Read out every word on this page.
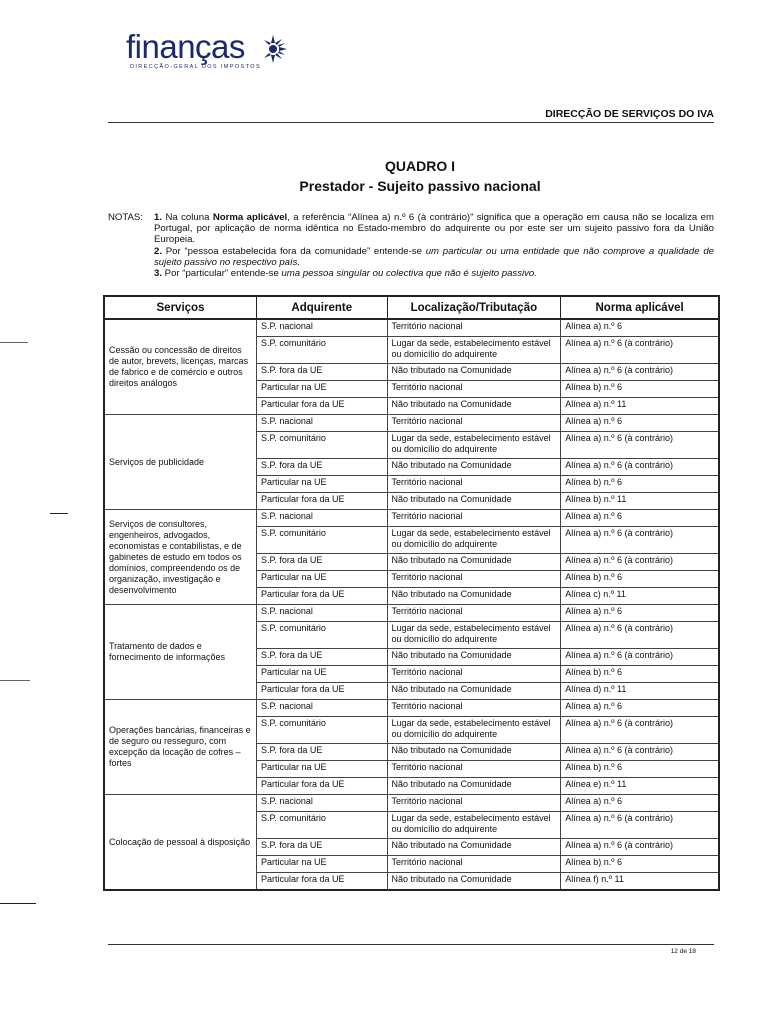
finanças
DIRECÇÃO-GERAL DOS IMPOSTOS
DIRECÇÃO DE SERVIÇOS DO IVA
QUADRO I
Prestador - Sujeito passivo nacional
NOTAS: 1. Na coluna Norma aplicável, a referência “Alínea a) n.º 6 (à contrário)” significa que a operação em causa não se localiza em Portugal, por aplicação de norma idêntica no Estado-membro do adquirente ou por este ser um sujeito passivo fora da União Europeia.

2. Por “pessoa estabelecida fora da comunidade” entende-se um particular ou uma entidade que não comprove a qualidade de sujeito passivo no respectivo país.

3. Por “particular” entende-se uma pessoa singular ou colectiva que não é sujeito passivo.

Serviços	Adquirente	Localização/Tributação	Norma aplicável
Cessão ou concessão de direitos de autor, brevets, licenças, marcas de fabrico e de comércio e outros direitos análogos	S.P. nacional	Território nacional	Alínea a) n.º 6
	S.P. comunitário	Lugar da sede, estabelecimento estável ou domicílio do adquirente	Alínea a) n.º 6 (à contrário)
	S.P. fora da UE	Não tributado na Comunidade	Alínea a) n.º 6 (à contrário)
	Particular na UE	Território nacional	Alínea b) n.º 6
	Particular fora da UE	Não tributado na Comunidade	Alínea a) n.º 11
Serviços de publicidade	S.P. nacional	Território nacional	Alínea a) n.º 6
	S.P. comunitário	Lugar da sede, estabelecimento estável ou domicílio do adquirente	Alínea a) n.º 6 (à contrário)
	S.P. fora da UE	Não tributado na Comunidade	Alínea a) n.º 6 (à contrário)
	Particular na UE	Território nacional	Alínea b) n.º 6
	Particular fora da UE	Não tributado na Comunidade	Alínea b) n.º 11
Serviços de consultores, engenheiros, advogados, economistas e contabilistas, e de gabinetes de estudo em todos os domínios, compreendendo os de organização, investigação e desenvolvimento	S.P. nacional	Território nacional	Alínea a) n.º 6
	S.P. comunitário	Lugar da sede, estabelecimento estável ou domicílio do adquirente	Alínea a) n.º 6 (à contrário)
	S.P. fora da UE	Não tributado na Comunidade	Alínea a) n.º 6 (à contrário)
	Particular na UE	Território nacional	Alínea b) n.º 6
	Particular fora da UE	Não tributado na Comunidade	Alínea c) n.º 11
Tratamento de dados e fornecimento de informações	S.P. nacional	Território nacional	Alínea a) n.º 6
	S.P. comunitário	Lugar da sede, estabelecimento estável ou domicílio do adquirente	Alínea a) n.º 6 (à contrário)
	S.P. fora da UE	Não tributado na Comunidade	Alínea a) n.º 6 (à contrário)
	Particular na UE	Território nacional	Alínea b) n.º 6
	Particular fora da UE	Não tributado na Comunidade	Alínea d) n.º 11
Operações bancárias, financeiras e de seguro ou resseguro, com excepção da locação de cofres – fortes	S.P. nacional	Território nacional	Alínea a) n.º 6
	S.P. comunitário	Lugar da sede, estabelecimento estável ou domicílio do adquirente	Alínea a) n.º 6 (à contrário)
	S.P. fora da UE	Não tributado na Comunidade	Alínea a) n.º 6 (à contrário)
	Particular na UE	Território nacional	Alínea b) n.º 6
	Particular fora da UE	Não tributado na Comunidade	Alínea e) n.º 11
Colocação de pessoal à disposição	S.P. nacional	Território nacional	Alínea a) n.º 6
	S.P. comunitário	Lugar da sede, estabelecimento estável ou domicílio do adquirente	Alínea a) n.º 6 (à contrário)
	S.P. fora da UE	Não tributado na Comunidade	Alínea a) n.º 6 (à contrário)
	Particular na UE	Território nacional	Alínea b) n.º 6
	Particular fora da UE	Não tributado na Comunidade	Alínea f) n.º 11
12 de 18
